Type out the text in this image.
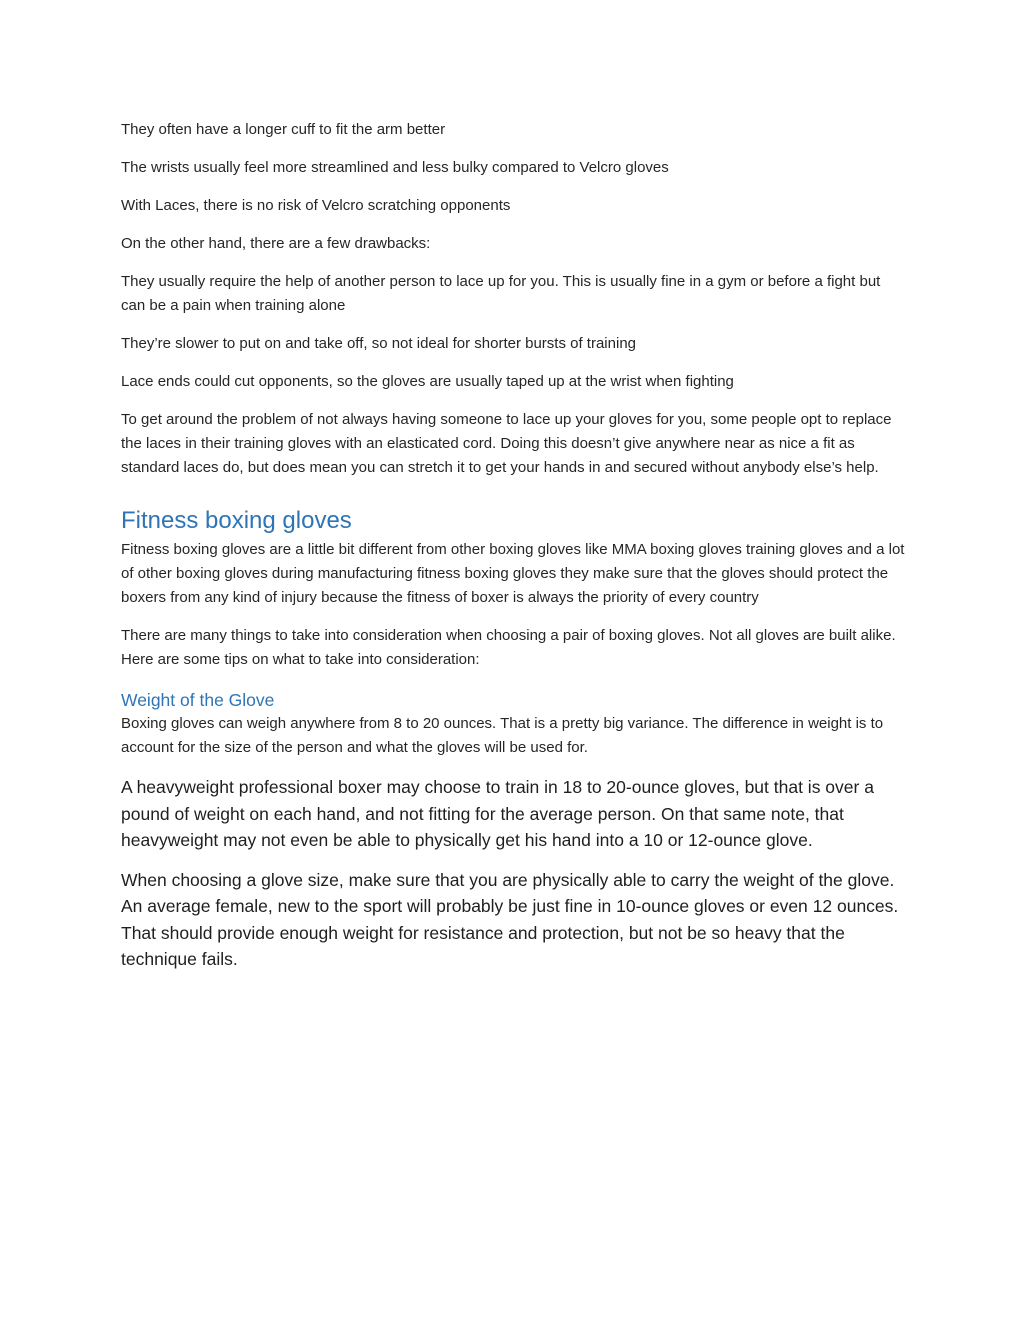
They often have a longer cuff to fit the arm better

The wrists usually feel more streamlined and less bulky compared to Velcro gloves

With Laces, there is no risk of Velcro scratching opponents

On the other hand, there are a few drawbacks:

They usually require the help of another person to lace up for you. This is usually fine in a gym or before a fight but can be a pain when training alone

They’re slower to put on and take off, so not ideal for shorter bursts of training

Lace ends could cut opponents, so the gloves are usually taped up at the wrist when fighting

To get around the problem of not always having someone to lace up your gloves for you, some people opt to replace the laces in their training gloves with an elasticated cord. Doing this doesn’t give anywhere near as nice a fit as standard laces do, but does mean you can stretch it to get your hands in and secured without anybody else’s help.

Fitness boxing gloves

Fitness boxing gloves are a little bit different from other boxing gloves like MMA boxing gloves training gloves and a lot of other boxing gloves during manufacturing fitness boxing gloves they make sure that the gloves should protect the boxers from any kind of injury because the fitness of boxer is always the priority of every country

There are many things to take into consideration when choosing a pair of boxing gloves. Not all gloves are built alike. Here are some tips on what to take into consideration:

Weight of the Glove

Boxing gloves can weigh anywhere from 8 to 20 ounces. That is a pretty big variance. The difference in weight is to account for the size of the person and what the gloves will be used for.

A heavyweight professional boxer may choose to train in 18 to 20-ounce gloves, but that is over a pound of weight on each hand, and not fitting for the average person. On that same note, that heavyweight may not even be able to physically get his hand into a 10 or 12-ounce glove.

When choosing a glove size, make sure that you are physically able to carry the weight of the glove. An average female, new to the sport will probably be just fine in 10-ounce gloves or even 12 ounces. That should provide enough weight for resistance and protection, but not be so heavy that the technique fails.
